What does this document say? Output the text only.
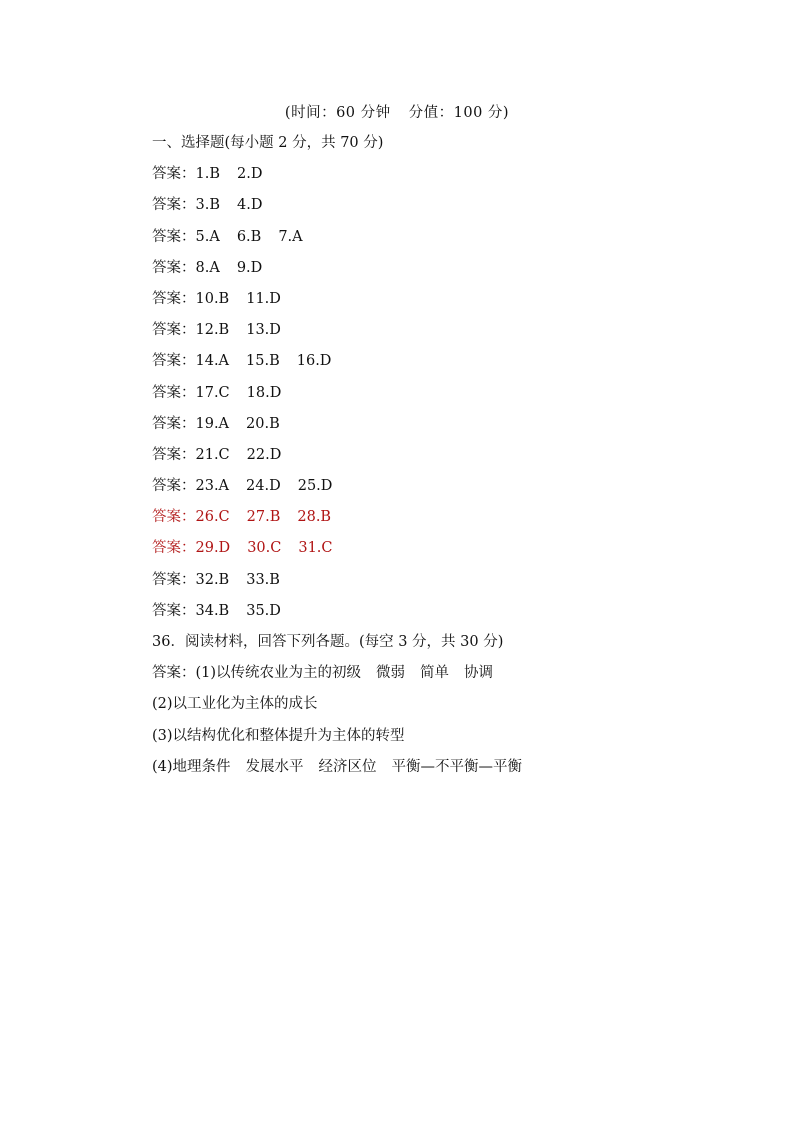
(时间：60 分钟 分值：100 分)
一、选择题(每小题 2 分，共 70 分)
答案：1.B 2.D
答案：3.B 4.D
答案：5.A 6.B 7.A
答案：8.A 9.D
答案：10.B 11.D
答案：12.B 13.D
答案：14.A 15.B 16.D
答案：17.C 18.D
答案：19.A 20.B
答案：21.C 22.D
答案：23.A 24.D 25.D
答案：26.C 27.B 28.B
答案：29.D 30.C 31.C
答案：32.B 33.B
答案：34.B 35.D
36．阅读材料，回答下列各题。(每空 3 分，共 30 分)
答案：(1)以传统农业为主的初级 微弱 简单 协调
(2)以工业化为主体的成长
(3)以结构优化和整体提升为主体的转型
(4)地理条件 发展水平 经济区位 平衡—不平衡—平衡
